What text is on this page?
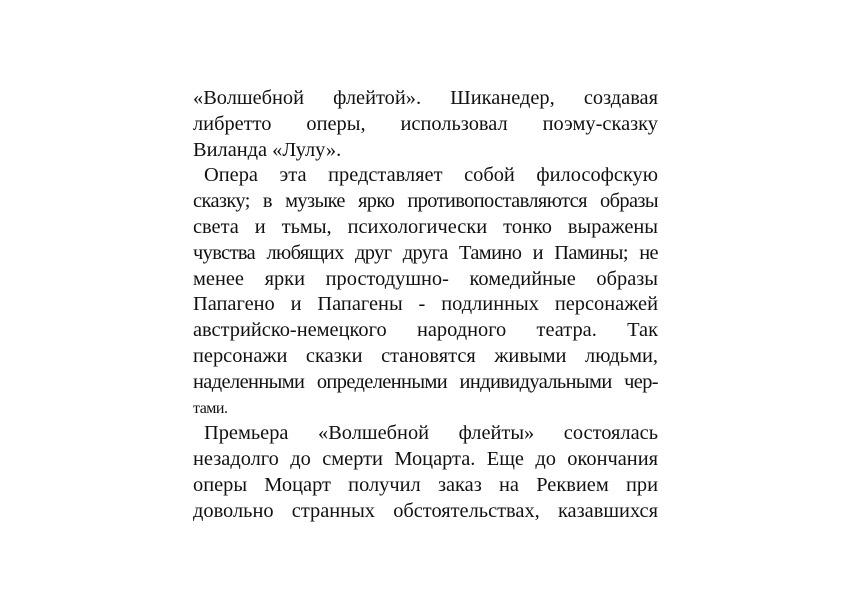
«Волшебной флейтой». Шиканедер, создавая
либретто оперы, использовал поэму-сказку
Виланда «Лулу».
Опера эта представляет собой философскую
сказку; в музыке ярко противопоставляются образы
света и тьмы, психологически тонко выражены
чувства любящих друг друга Тамино и Памины; не
менее ярки простодушно- комедийные образы
Папагено и Папагены - подлинных персонажей
австрийско-немецкого народного театра. Так
персонажи сказки становятся живыми людьми,
наделенными определенными индивидуальными чер-
тами.
Премьера «Волшебной флейты» состоялась
незадолго до смерти Моцарта. Еще до окончания
оперы Моцарт получил заказ на Реквием при
довольно странных обстоятельствах, казавшихся
